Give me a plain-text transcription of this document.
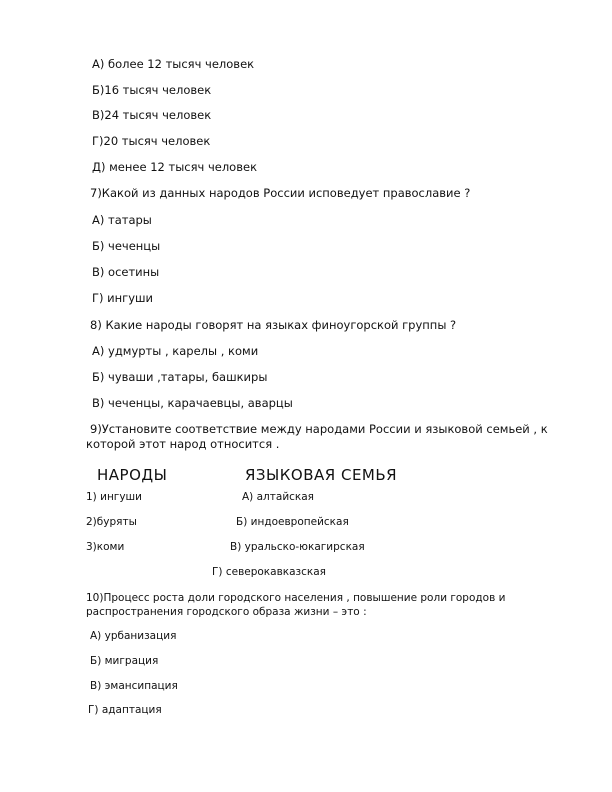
А) более 12 тысяч человек
Б)16 тысяч человек
В)24 тысяч человек
Г)20 тысяч человек
Д) менее 12 тысяч человек
7)Какой из данных народов России исповедует православие ?
А) татары
Б) чеченцы
В) осетины
Г) ингуши
8) Какие народы говорят на языках финоугорской группы ?
А) удмурты , карелы , коми
Б) чуваши ,татары, башкиры
В) чеченцы, карачаевцы, аварцы
9)Установите соответствие между народами России и языковой семьей , к
которой этот народ относится .
НАРОДЫ	ЯЗЫКОВАЯ СЕМЬЯ
1) ингуши	А) алтайская
2)буряты	Б) индоевропейская
3)коми	В) уральско-юкагирская
Г) северокавказская
10)Процесс роста доли городского населения , повышение роли городов и
распространения городского образа жизни – это :
А) урбанизация
Б) миграция
В) эмансипация
Г) адаптация
